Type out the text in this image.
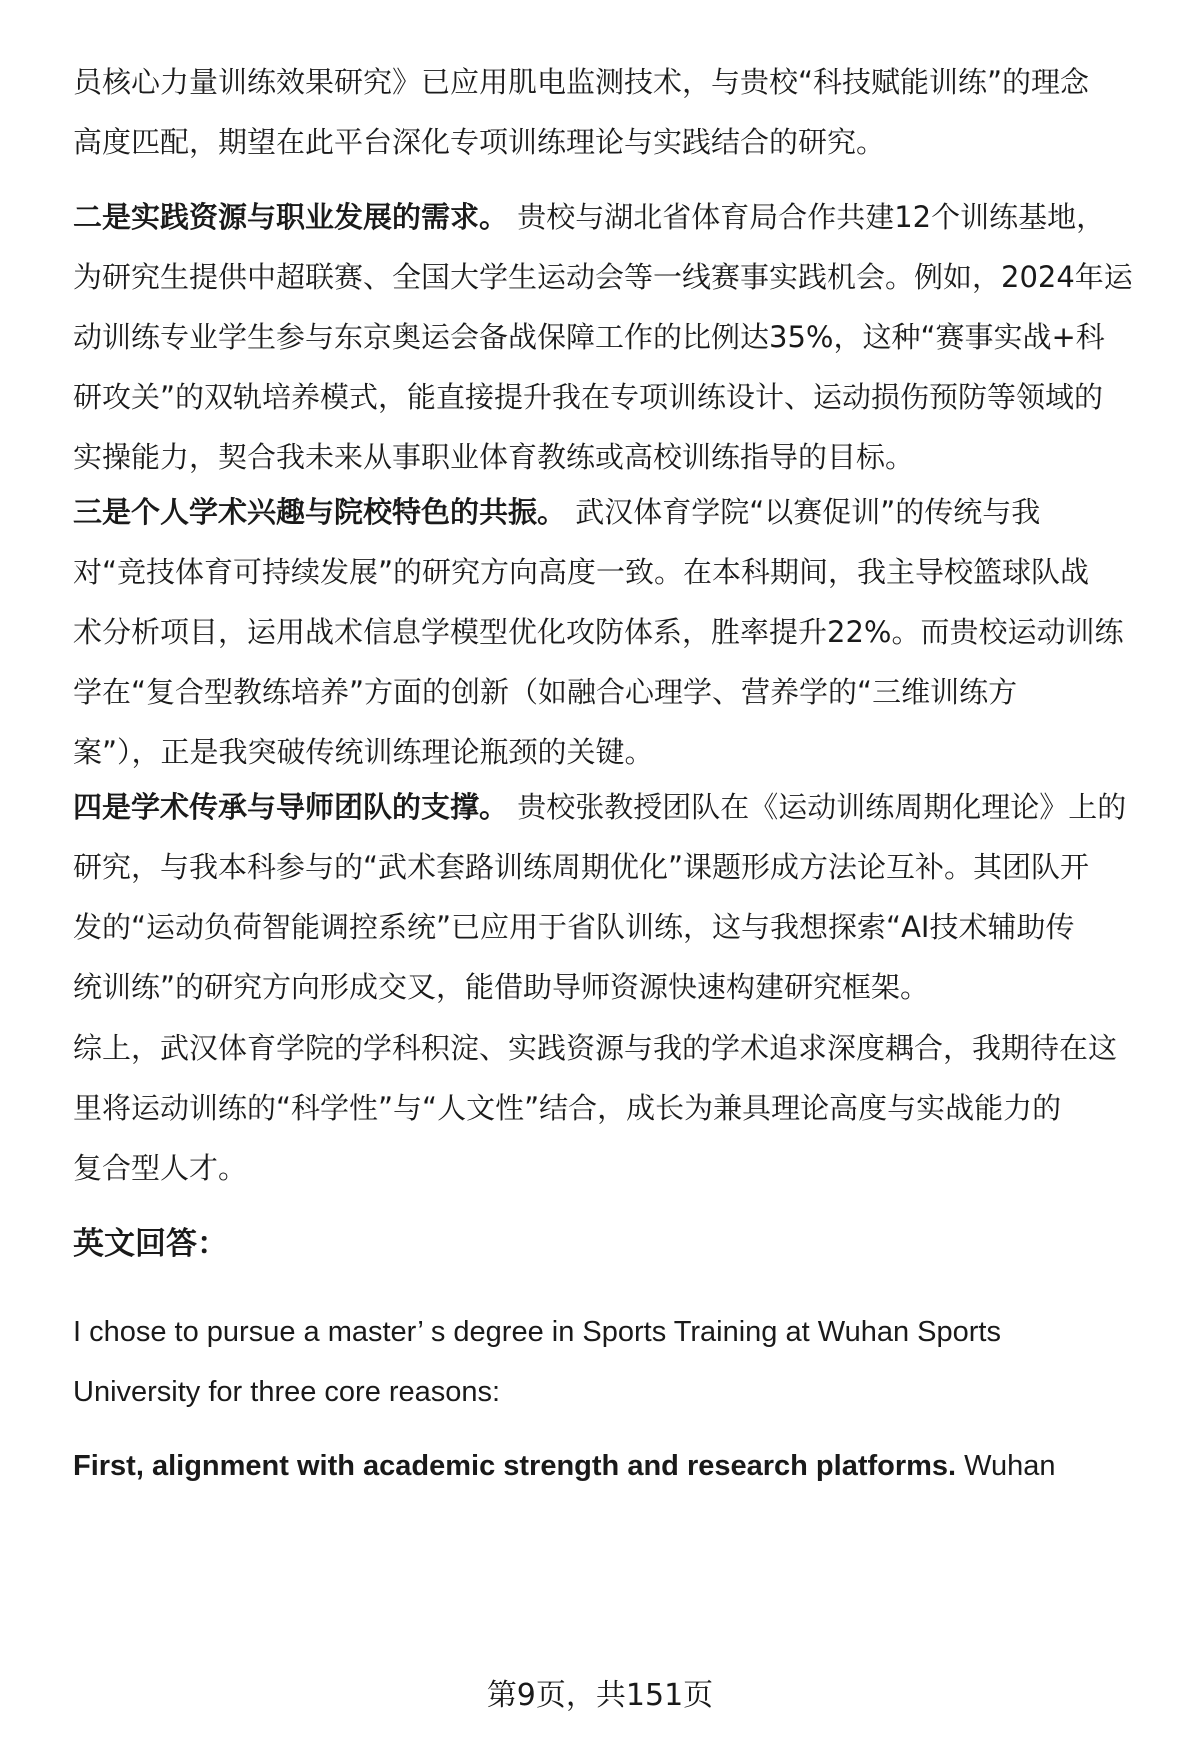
员核心力量训练效果研究》已应用肌电监测技术，与贵校“科技赋能训练”的理念
高度匹配，期望在此平台深化专项训练理论与实践结合的研究。
二是实践资源与职业发展的需求。 贵校与湖北省体育局合作共建12个训练基地，
为研究生提供中超联赛、全国大学生运动会等一线赛事实践机会。例如，2024年运
动训练专业学生参与东京奥运会备战保障工作的比例达35%，这种“赛事实战+科
研攻关”的双轨培养模式，能直接提升我在专项训练设计、运动损伤预防等领域的
实操能力，契合我未来从事职业体育教练或高校训练指导的目标。
三是个人学术兴趣与院校特色的共振。 武汉体育学院“以赛促训”的传统与我
对“竞技体育可持续发展”的研究方向高度一致。在本科期间，我主导校篮球队战
术分析项目，运用战术信息学模型优化攻防体系，胜率提升22%。而贵校运动训练
学在“复合型教练培养”方面的创新（如融合心理学、营养学的“三维训练方
案”），正是我突破传统训练理论瓶颈的关键。
四是学术传承与导师团队的支撑。 贵校张教授团队在《运动训练周期化理论》上的
研究，与我本科参与的“武术套路训练周期优化”课题形成方法论互补。其团队开
发的“运动负荷智能调控系统”已应用于省队训练，这与我想探索“AI技术辅助传
统训练”的研究方向形成交叉，能借助导师资源快速构建研究框架。
综上，武汉体育学院的学科积淀、实践资源与我的学术追求深度耦合，我期待在这
里将运动训练的“科学性”与“人文性”结合，成长为兼具理论高度与实战能力的
复合型人才。
英文回答：
I chose to pursue a master’ s degree in Sports Training at Wuhan Sports
University for three core reasons:
First, alignment with academic strength and research platforms. Wuhan
第9页，共151页
